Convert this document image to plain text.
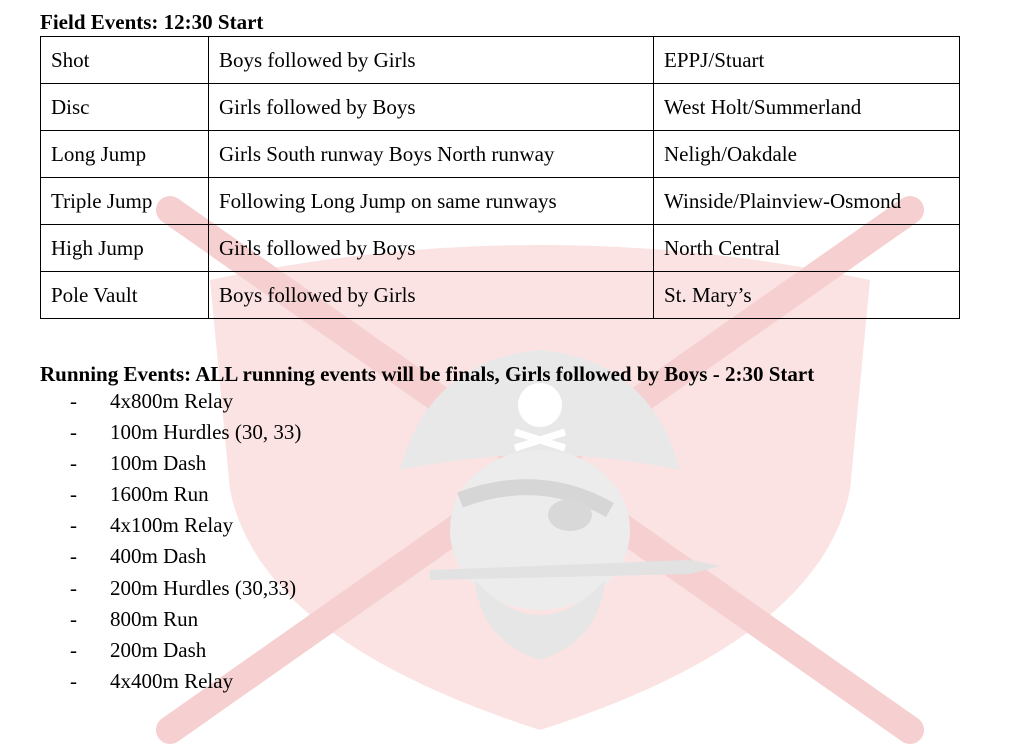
Field Events: 12:30 Start
Shot	Boys followed by Girls	EPPJ/Stuart
Disc	Girls followed by Boys	West Holt/Summerland
Long Jump	Girls South runway Boys North runway	Neligh/Oakdale
Triple Jump	Following Long Jump on same runways	Winside/Plainview-Osmond
High Jump	Girls followed by Boys	North Central
Pole Vault	Boys followed by Girls	St. Mary’s
Running Events: ALL running events will be finals, Girls followed by Boys - 2:30 Start
- 4x800m Relay
- 100m Hurdles (30, 33)
- 100m Dash
- 1600m Run
- 4x100m Relay
- 400m Dash
- 200m Hurdles (30,33)
- 800m Run
- 200m Dash
- 4x400m Relay
